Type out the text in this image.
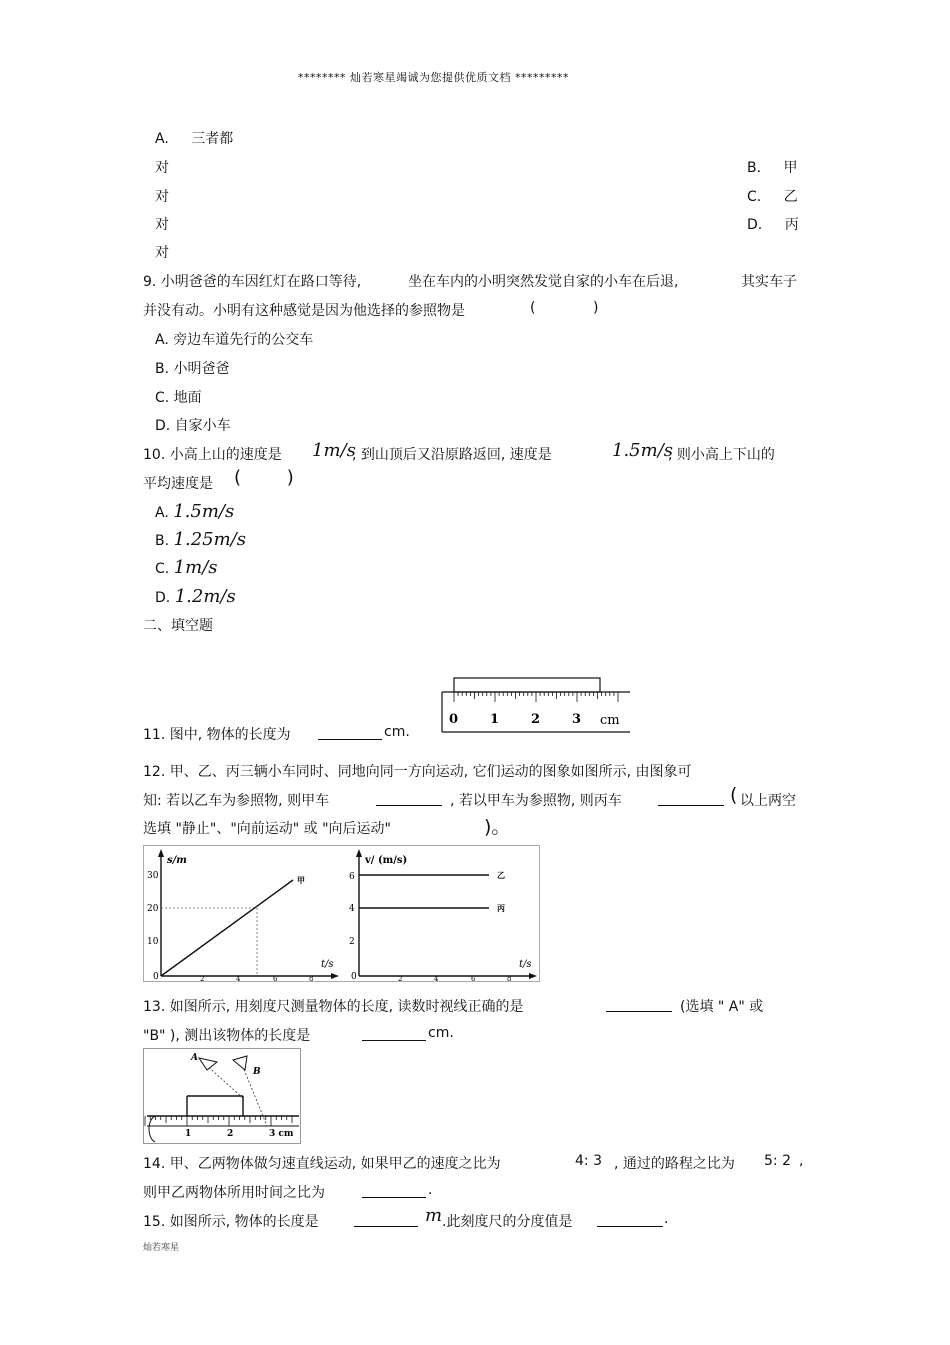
******** 灿若寒星竭诚为您提供优质文档 *********
A. 三者都
对
对
对
对
B. 甲
C. 乙
D. 丙
9. 小明爸爸的车因红灯在路口等待,	坐在车内的小明突然发觉自家的小车在后退,	其实车子
并没有动。小明有这种感觉是因为他选择的参照物是	(	)
A. 旁边车道先行的公交车
B. 小明爸爸
C. 地面
D. 自家小车
10. 小高上山的速度是 1m/s
, 到山顶后又沿原路返回, 速度是	1.5m/s
, 则小高上下山的
平均速度是 (        )
A. 1.5m/s
B. 1.25m/s
C. 1m/s
D. 1.2m/s
二、填空题
11. 图中, 物体的长度为	cm.
0 1 2 3 cm
12. 甲、乙、丙三辆小车同时、同地向同一方向运动, 它们运动的图象如图所示, 由图象可
知: 若以乙车为参照物, 则甲车	, 若以甲车为参照物, 则丙车	( 以上两空
选填 "静止"、"向前运动" 或 "向后运动"	)。
s/m
t/s
30
20
10
0	2	4	6	8
甲
v/ (m/s)
t/s
6
4
2
0	2	4	6	8
乙
丙
13. 如图所示, 用刻度尺测量物体的长度, 读数时视线正确的是	(选填 " A" 或
"B" ), 测出该物体的长度是	cm.
1	2	3 cm
A
B
14. 甲、乙两物体做匀速直线运动, 如果甲乙的速度之比为	4: 3 , 通过的路程之比为 5: 2 ,
则甲乙两物体所用时间之比为	.
15. 如图所示, 物体的长度是	m .此刻度尺的分度值是	.
灿若寒星
